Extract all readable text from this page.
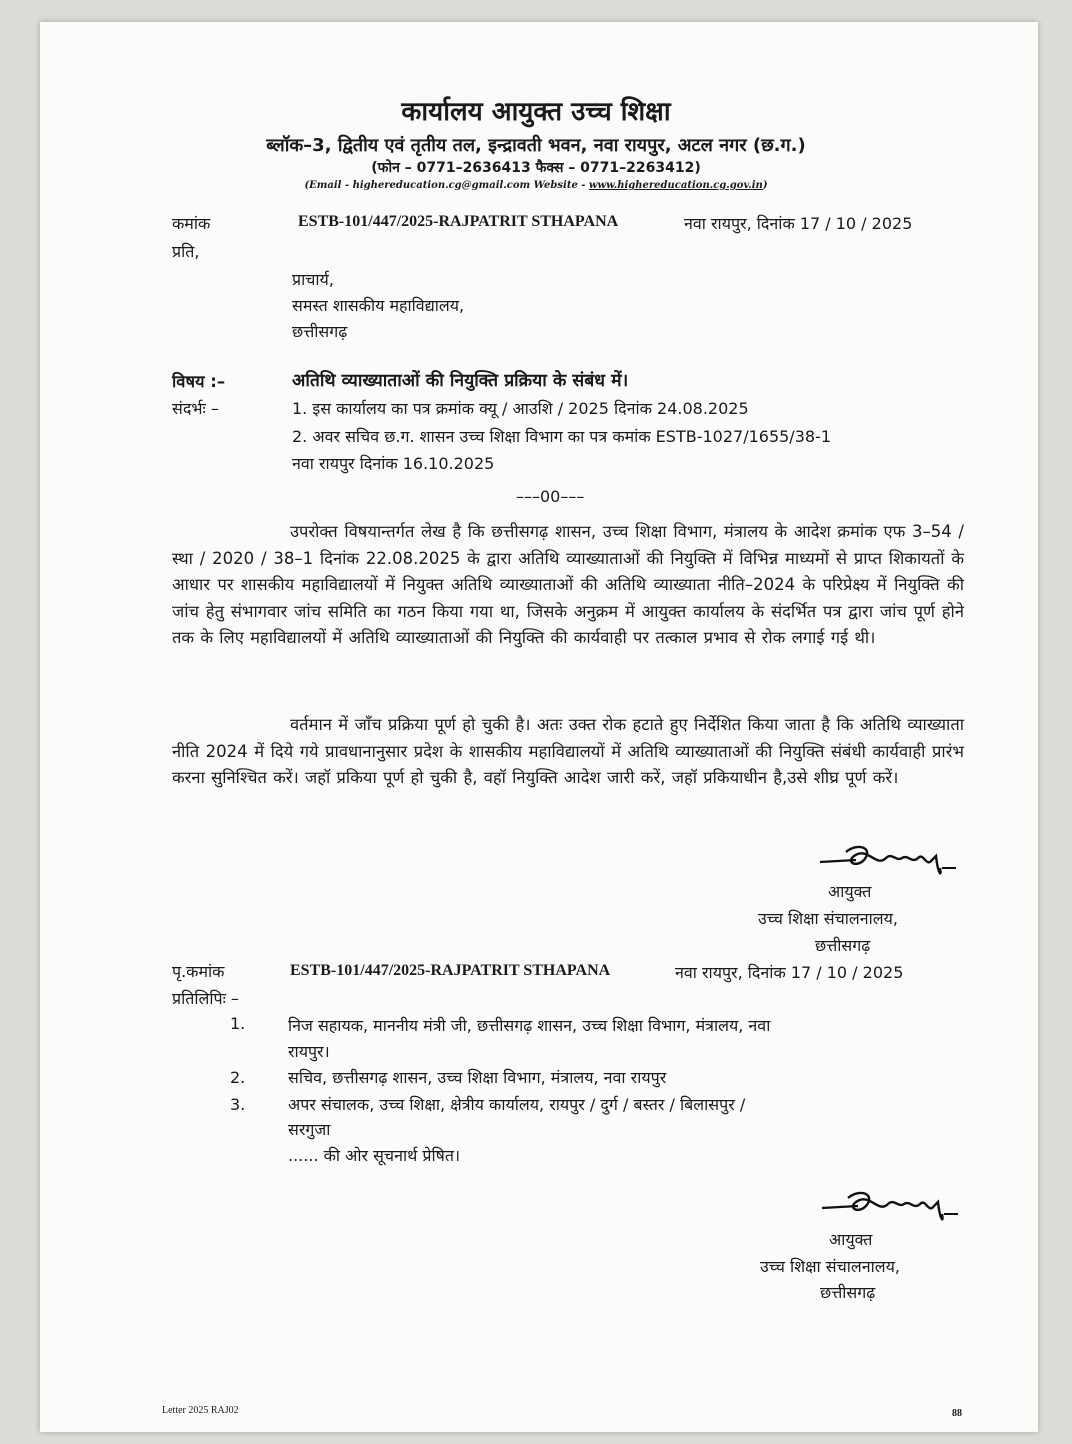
कार्यालय आयुक्त उच्च शिक्षा
ब्लॉक–3, द्वितीय एवं तृतीय तल, इन्द्रावती भवन, नवा रायपुर, अटल नगर (छ.ग.)
(फोन – 0771–2636413 फैक्स – 0771–2263412)
(Email - highereducation.cg@gmail.com Website - www.highereducation.cg.gov.in)
कमांक
प्रति,
ESTB-101/447/2025-RAJPATRIT STHAPANA	नवा रायपुर, दिनांक 17 / 10 / 2025
प्राचार्य,
समस्त शासकीय महाविद्यालय,
छत्तीसगढ़
विषय :–	अतिथि व्याख्याताओं की नियुक्ति प्रक्रिया के संबंध में।
संदर्भः –	1. इस कार्यालय का पत्र क्रमांक क्यू / आउशि / 2025 दिनांक 24.08.2025
2. अवर सचिव छ.ग. शासन उच्च शिक्षा विभाग का पत्र कमांक ESTB-1027/1655/38-1
नवा रायपुर दिनांक 16.10.2025
–––00–––
उपरोक्त विषयान्तर्गत लेख है कि छत्तीसगढ़ शासन, उच्च शिक्षा विभाग, मंत्रालय के आदेश क्रमांक एफ 3–54 / स्था / 2020 / 38–1 दिनांक 22.08.2025 के द्वारा अतिथि व्याख्याताओं की नियुक्ति में विभिन्न माध्यमों से प्राप्त शिकायतों के आधार पर शासकीय महाविद्यालयों में नियुक्त अतिथि व्याख्याताओं की अतिथि व्याख्याता नीति–2024 के परिप्रेक्ष्य में नियुक्ति की जांच हेतु संभागवार जांच समिति का गठन किया गया था, जिसके अनुक्रम में आयुक्त कार्यालय के संदर्भित पत्र द्वारा जांच पूर्ण होने तक के लिए महाविद्यालयों में अतिथि व्याख्याताओं की नियुक्ति की कार्यवाही पर तत्काल प्रभाव से रोक लगाई गई थी।
वर्तमान में जाँच प्रक्रिया पूर्ण हो चुकी है। अतः उक्त रोक हटाते हुए निर्देशित किया जाता है कि अतिथि व्याख्याता नीति 2024 में दिये गये प्रावधानानुसार प्रदेश के शासकीय महाविद्यालयों में अतिथि व्याख्याताओं की नियुक्ति संबंधी कार्यवाही प्रारंभ करना सुनिश्चित करें। जहॉ प्रकिया पूर्ण हो चुकी है, वहॉ नियुक्ति आदेश जारी करें, जहॉ प्रकियाधीन है,उसे शीघ्र पूर्ण करें।
आयुक्त
उच्च शिक्षा संचालनालय,
छत्तीसगढ़
पृ.कमांक
प्रतिलिपिः –
ESTB-101/447/2025-RAJPATRIT STHAPANA	नवा रायपुर, दिनांक 17 / 10 / 2025
1.	निज सहायक, माननीय मंत्री जी, छत्तीसगढ़ शासन, उच्च शिक्षा विभाग, मंत्रालय, नवा
रायपुर।
2.	सचिव, छत्तीसगढ़ शासन, उच्च शिक्षा विभाग, मंत्रालय, नवा रायपुर
3.	अपर संचालक, उच्च शिक्षा, क्षेत्रीय कार्यालय, रायपुर / दुर्ग / बस्तर / बिलासपुर /
सरगुजा
...... की ओर सूचनार्थ प्रेषित।
आयुक्त
उच्च शिक्षा संचालनालय,
छत्तीसगढ़
Letter 2025 RAJ02	88
